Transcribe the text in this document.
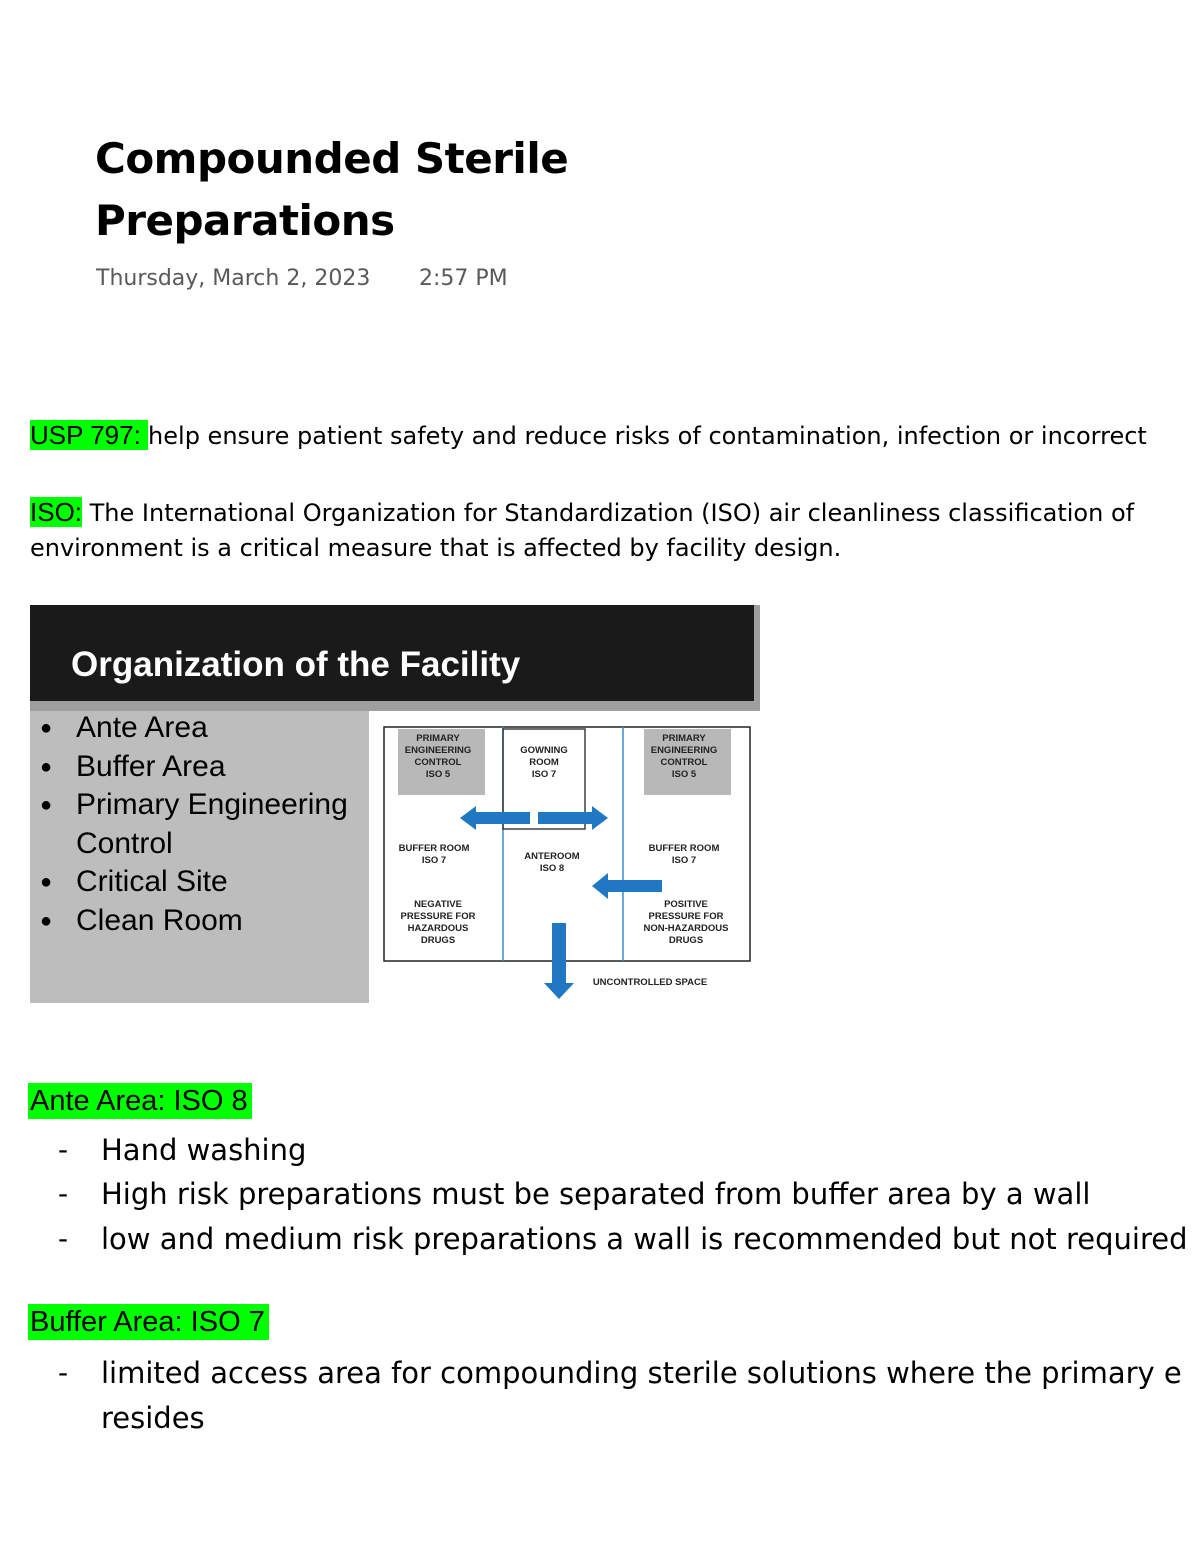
Compounded Sterile
Preparations
Thursday, March 2, 2023 2:57 PM
USP 797: help ensure patient safety and reduce risks of contamination, infection or incorrect
ISO: The International Organization for Standardization (ISO) air cleanliness classification of
environment is a critical measure that is affected by facility design.
Organization of the Facility
● Ante Area
● Buffer Area
● Primary Engineering
Control
● Critical Site
● Clean Room
PRIMARY
ENGINEERING
CONTROL
ISO 5
GOWNING
ROOM
ISO 7
PRIMARY
ENGINEERING
CONTROL
ISO 5
BUFFER ROOM
ISO 7	ANTEROOM
ISO 8
BUFFER ROOM
ISO 7
NEGATIVE
PRESSURE FOR
HAZARDOUS
DRUGS
POSITIVE
PRESSURE FOR
NON-HAZARDOUS
DRUGS
UNCONTROLLED SPACE
Ante Area: ISO 8
- Hand washing
- High risk preparations must be separated from buffer area by a wall
- low and medium risk preparations a wall is recommended but not required
Buffer Area: ISO 7
- limited access area for compounding sterile solutions where the primary e
resides
